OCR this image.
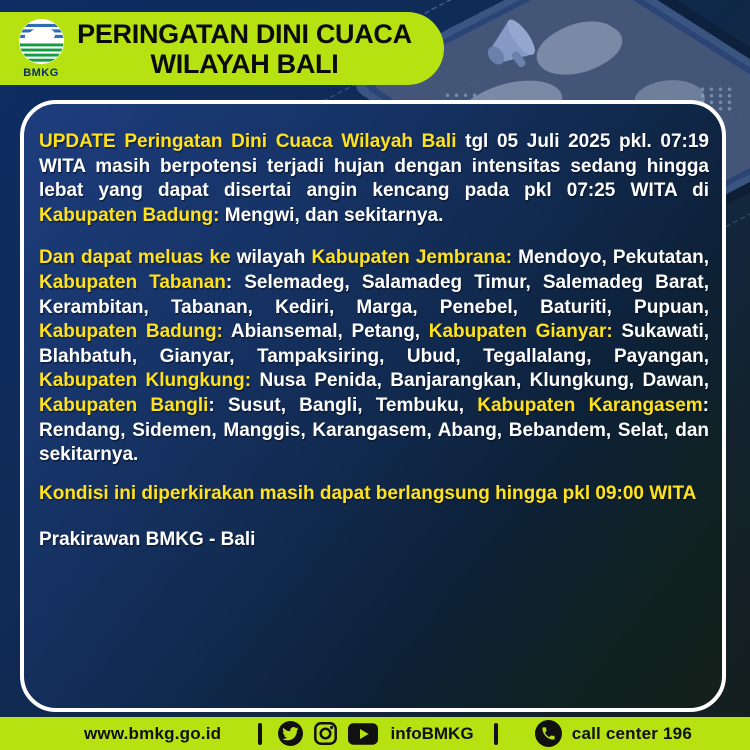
BMKG
PERINGATAN DINI CUACA
WILAYAH BALI

UPDATE Peringatan Dini Cuaca Wilayah Bali tgl 05 Juli 2025 pkl. 07:19 WITA masih berpotensi terjadi hujan dengan intensitas sedang hingga lebat yang dapat disertai angin kencang pada pkl 07:25 WITA di Kabupaten Badung: Mengwi, dan sekitarnya.

Dan dapat meluas ke wilayah Kabupaten Jembrana: Mendoyo, Pekutatan, Kabupaten Tabanan: Selemadeg, Salamadeg Timur, Salemadeg Barat, Kerambitan, Tabanan, Kediri, Marga, Penebel, Baturiti, Pupuan, Kabupaten Badung: Abiansemal, Petang, Kabupaten Gianyar: Sukawati, Blahbatuh, Gianyar, Tampaksiring, Ubud, Tegallalang, Payangan, Kabupaten Klungkung: Nusa Penida, Banjarangkan, Klungkung, Dawan, Kabupaten Bangli: Susut, Bangli, Tembuku, Kabupaten Karangasem: Rendang, Sidemen, Manggis, Karangasem, Abang, Bebandem, Selat, dan sekitarnya.

Kondisi ini diperkirakan masih dapat berlangsung hingga pkl 09:00 WITA

Prakirawan BMKG - Bali

www.bmkg.go.id	infoBMKG	call center 196
